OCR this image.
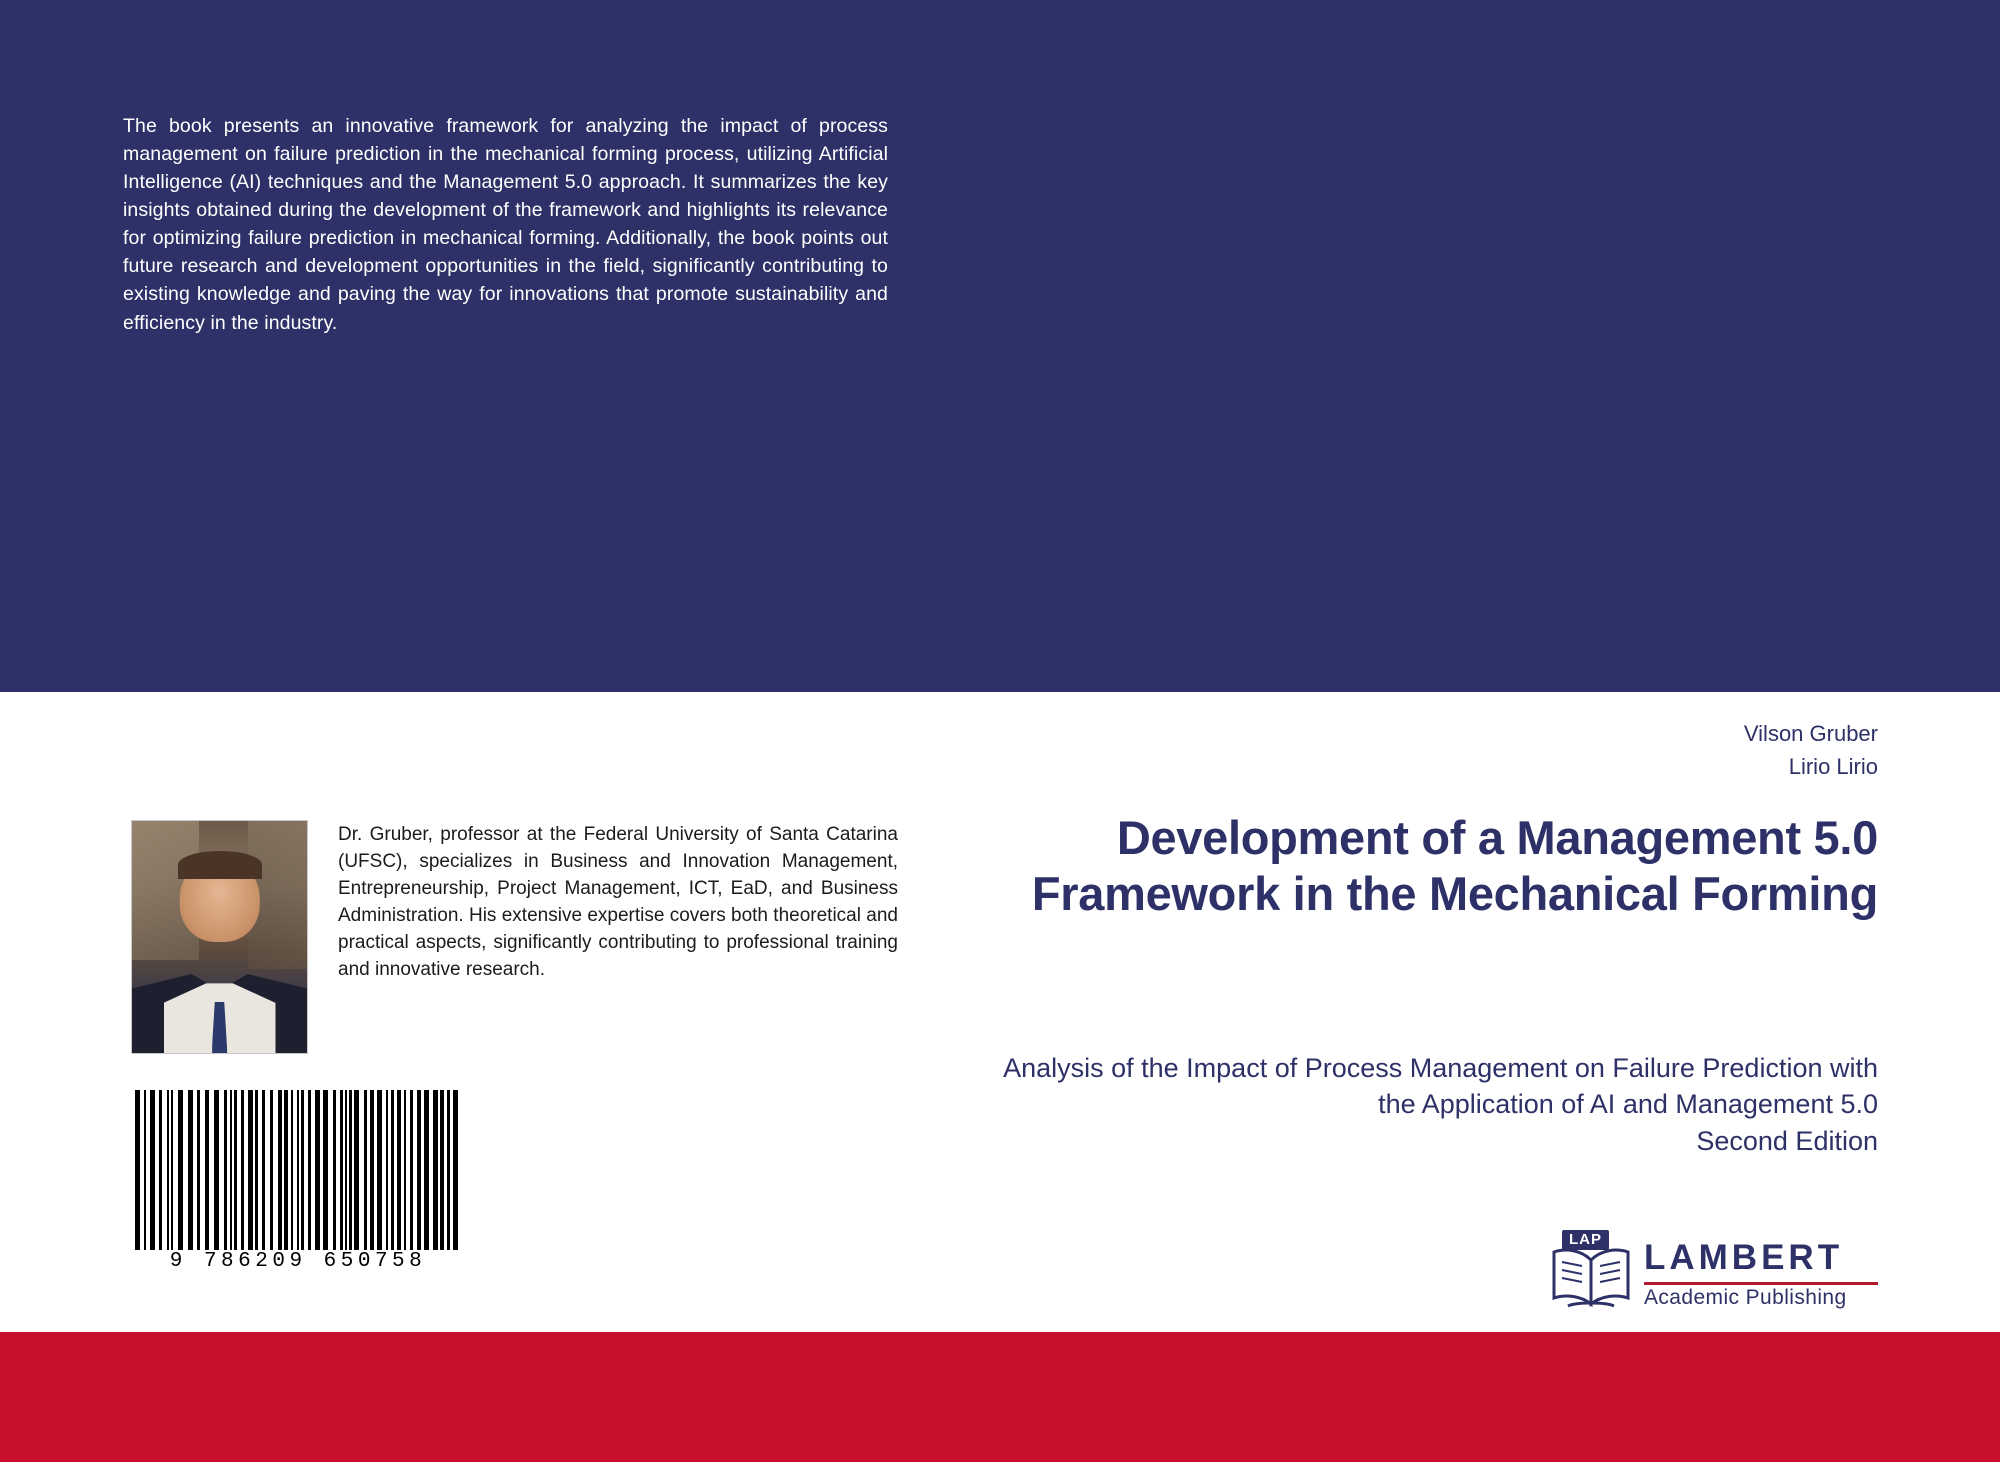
The book presents an innovative framework for analyzing the impact of process management on failure prediction in the mechanical forming process, utilizing Artificial Intelligence (AI) techniques and the Management 5.0 approach. It summarizes the key insights obtained during the development of the framework and highlights its relevance for optimizing failure prediction in mechanical forming. Additionally, the book points out future research and development opportunities in the field, significantly contributing to existing knowledge and paving the way for innovations that promote sustainability and efficiency in the industry.
Dr. Gruber, professor at the Federal University of Santa Catarina (UFSC), specializes in Business and Innovation Management, Entrepreneurship, Project Management, ICT, EaD, and Business Administration. His extensive expertise covers both theoretical and practical aspects, significantly contributing to professional training and innovative research.
9 786209 650758
Vilson Gruber
Lirio Lirio
Development of a Management 5.0 Framework in the Mechanical Forming
Analysis of the Impact of Process Management on Failure Prediction with the Application of AI and Management 5.0
Second Edition
LAP LAMBERT
Academic Publishing
